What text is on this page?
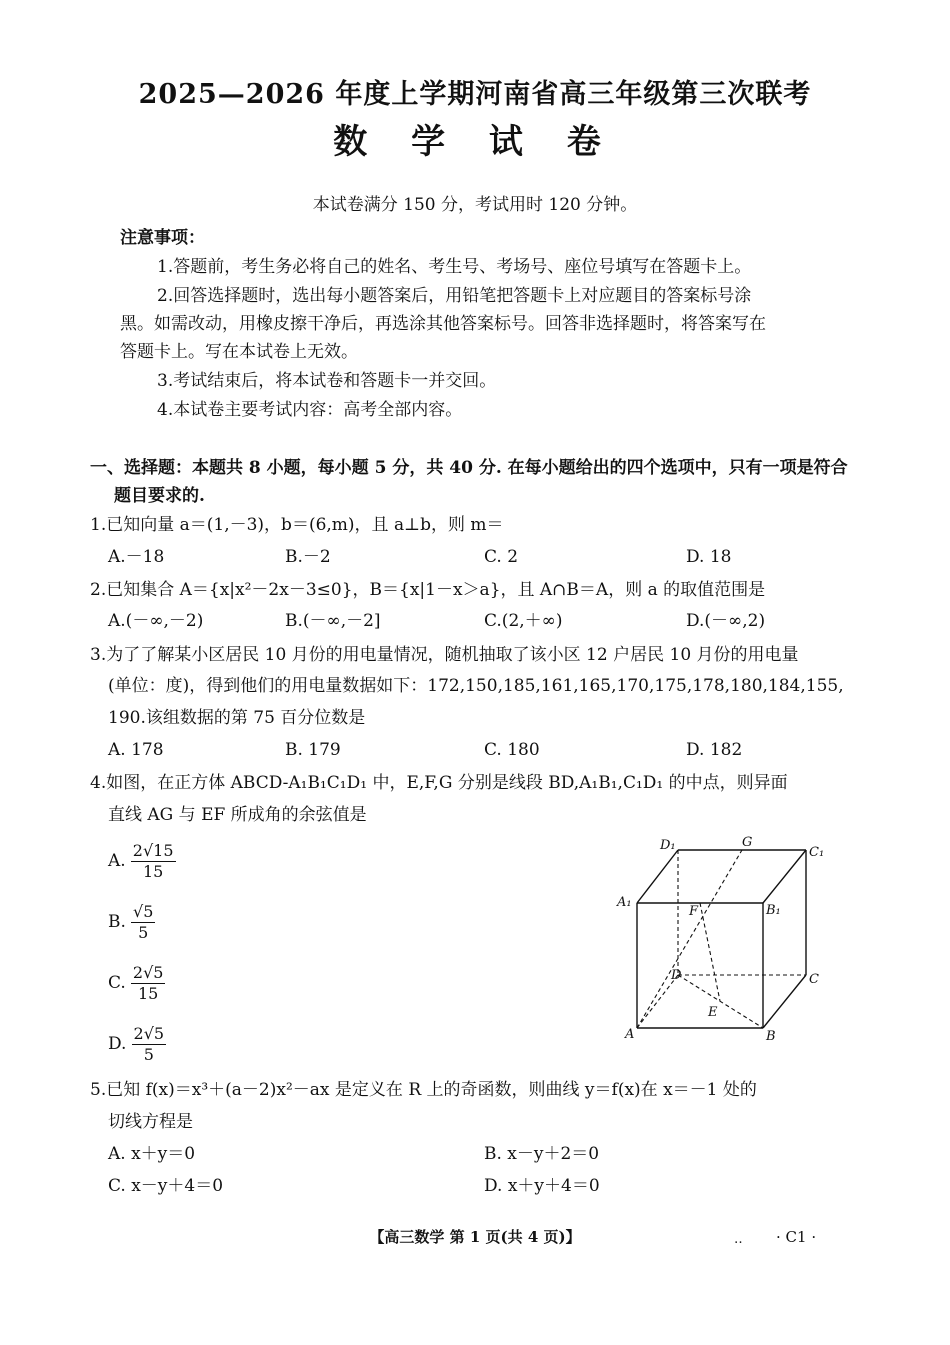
2025—2026 年度上学期河南省高三年级第三次联考
数 学 试 卷
本试卷满分 150 分，考试用时 120 分钟。
注意事项：
1.答题前，考生务必将自己的姓名、考生号、考场号、座位号填写在答题卡上。
2.回答选择题时，选出每小题答案后，用铅笔把答题卡上对应题目的答案标号涂
黑。如需改动，用橡皮擦干净后，再选涂其他答案标号。回答非选择题时，将答案写在
答题卡上。写在本试卷上无效。
3.考试结束后，将本试卷和答题卡一并交回。
4.本试卷主要考试内容：高考全部内容。
一、选择题：本题共 8 小题，每小题 5 分，共 40 分. 在每小题给出的四个选项中，只有一项是符合
题目要求的.
1.已知向量 a＝(1,－3)，b＝(6,m)，且 a⊥b，则 m＝
A.－18	B.－2	C. 2	D. 18
2.已知集合 A＝{x|x²－2x－3≤0}，B＝{x|1－x＞a}，且 A∩B＝A，则 a 的取值范围是
A.(－∞,－2)	B.(－∞,－2]	C.(2,＋∞)	D.(－∞,2)
3.为了了解某小区居民 10 月份的用电量情况，随机抽取了该小区 12 户居民 10 月份的用电量
(单位：度)，得到他们的用电量数据如下：172,150,185,161,165,170,175,178,180,184,155,
190.该组数据的第 75 百分位数是
A. 178	B. 179	C. 180	D. 182
4.如图，在正方体 ABCD-A₁B₁C₁D₁ 中，E,F,G 分别是线段 BD,A₁B₁,C₁D₁ 的中点，则异面
直线 AG 与 EF 所成角的余弦值是
A. $\frac{2√15}{15}$
B. $\frac{√5}{5}$
C. $\frac{2√5}{15}$
D. $\frac{2√5}{5}$
D₁	G
C₁
A₁
F	B₁
D	C
E
A	B
5.已知 f(x)＝x³＋(a－2)x²－ax 是定义在 R 上的奇函数，则曲线 y＝f(x)在 x＝－1 处的
切线方程是
A. x＋y＝0	B. x－y＋2＝0
C. x－y＋4＝0	D. x＋y＋4＝0
【高三数学 第 1 页(共 4 页)】	‥ · C1 ·
